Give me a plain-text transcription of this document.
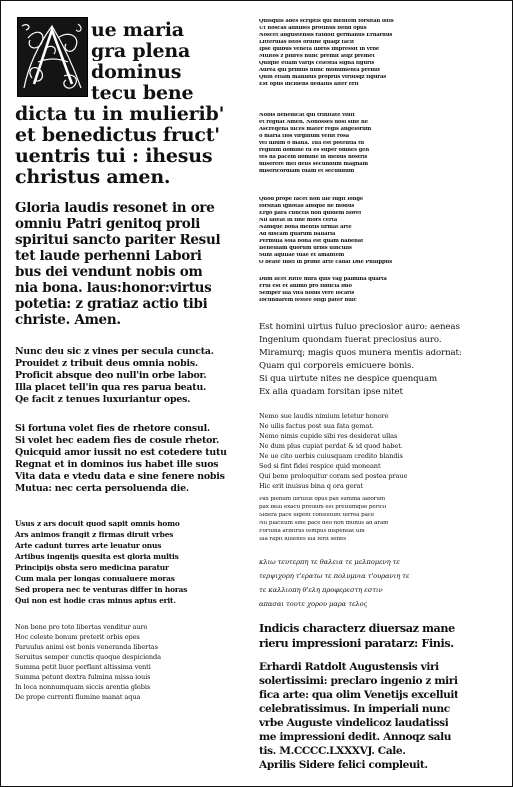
ue maria
gra plena
dominus
tecu bene
dicta tu in mulierib'
et benedictus fruct'
uentris tui : ihesus
christus amen.
Gloria laudis resonet in ore
omniu Patri genitoq proli
spiritui sancto pariter Resul
tet laude perhenni Labori
bus dei vendunt nobis om
nia bona. laus:honor:virtus
potetia: z gratiaz actio tibi
christe. Amen.
Nunc deu sic z vines per secula cuncta.
Prouidet z tribuit deus omnia nobis.
Proficit absque deo null'in orbe labor.
Illa placet tell'in qua res parua beatu.
Qe facit z tenues luxuriantur opes.
Si fortuna volet fies de rhetore consul.
Si volet hec eadem fies de cosule rhetor.
Quicquid amor iussit no est cotedere tutu
Regnat et in dominos ius habet ille suos
Vita data e vtedu data e sine fenere nobis
Mutua: nec certa persoluenda die.
Usus z ars docuit quod sapit omnis homo
Ars animos frangit z firmas diruit vrbes
Arte cadunt turres arte leuatur onus
Artibus ingenijs quesita est gloria multis
Principijs obsta sero medicina paratur
Cum mala per longas conualuere moras
Sed propera nec te venturas differ in horas
Qui non est hodie cras minus aptus erit.
Non bene pro toto libertas venditur auro
Hoc celeste bonum preterit orbis opes
Paruulus animi est bonis veneranda libertas
Seruitus semper cunctis quoque despicienda
Summa petit liuor perflant altissima venti
Summa petunt dextra fulmina missa iouis
In loca nonnumquam siccis arentia glebis
De prope currenti flumine manat aqua
Quisquis ades scriptis qui mentem forsitan istis
Ut noscas adhibes protinus istud opus
Noscet augustensis ratdolt germanus Erhardus
Litterulas istos ordine quaqz facit
Ipse quibus veneta libros impressit in vrbe
Multos z plures nunc premit atqz premet
Quique etiam varijs celestia signa figuris
Aurea qui primus nunc monumenta premit
Quin etiam manibus propriis vtriusqz figuras
Est opus incidens dedalus alter erit
Nobis benedicat qui trinitate viuit
et regnat Amen. Nonosses dosi sine ne
Ascreqena ulces mater regis angelorum
o maria flos virginum velut rosa
vel lilium o mana. Tua est potentia tu
regnum domine tu es super omnes gen
tes da pacem domine in diebus nostris
miserere mei deus secundum magnam
misericordiam tuam et secundum
Quod prope facet non ille fugit longe
forsitan ignotas absque ne modus
Ergo para cunctis non quidem floret
Nil lateat in fine mors certa
Namque bona mentis firmat arte
Ad discam quarum ballaria
Permula sola bona est quam habebat
Benediam quorum urbis uinculis
Sunt aquilae tuae et amantem
O beate fidei in prime arte cadat Dne Philippus
Dum licet Ritte mira quis vag palmina quarta
Frui est et animo pro fiducia imo
Semper illa vita nobis vere locaris
Iocundarem festee ofigi pater huic
Est homini uirtus fuluo preciosior auro: aeneas
Ingenium quondam fuerat preciosius auro.
Miramurq; magis quos munera mentis adornat:
Quam qui corporeis emicuere bonis.
Si qua uirtute nites ne despice quenquam
Ex alia quadam forsitan ipse nitet
Nemo sue laudis nimium letetur honore
Ne uilis factus post sua fata gemat.
Nemo nimis cupide sibi res desiderat ullas
Ne dum plus cupiat perdat & id quod habet.
Ne ue cito uerbis cuiusquam credito blandis
Sed si fint fidei respice quid moneant
Qui bene proloquitur coram sed postea praue
Hic erit inuisus bina q ora gerat
Pax plenum uirtutis opus pax summa laborum
pax belli exacti pretium est pretiumque pericli
Sidera pace uigent consistunt terrea pace
Nil placitum sine pace deo non munus ad aram
Fortuna arbitriis tempus dispensat ubi
Illa rapit iuuenes illa ferit senes
κλιω τευτερπη τε θαλεια τε μελπομενη τε
τερψιχορη τ'ερατω τε πολυμνια τ'ουρανιη τε
τε καλλιοπη θ'ελη προφερεστη εστιν
απασαι τουτε χορου μαρα τελος
Indicis characterz diuersaz mane
rieru impressioni paratarz: Finis.
Erhardi Ratdolt Augustensis viri
solertissimi: preclaro ingenio z miri
fica arte: qua olim Venetijs excelluit
celebratissimus. In imperiali nunc
vrbe Auguste vindelicoz laudatissi
me impressioni dedit. Annoqz salu
tis. M.CCCC.LXXXVJ. Cale.
Aprilis Sidere felici compleuit.
